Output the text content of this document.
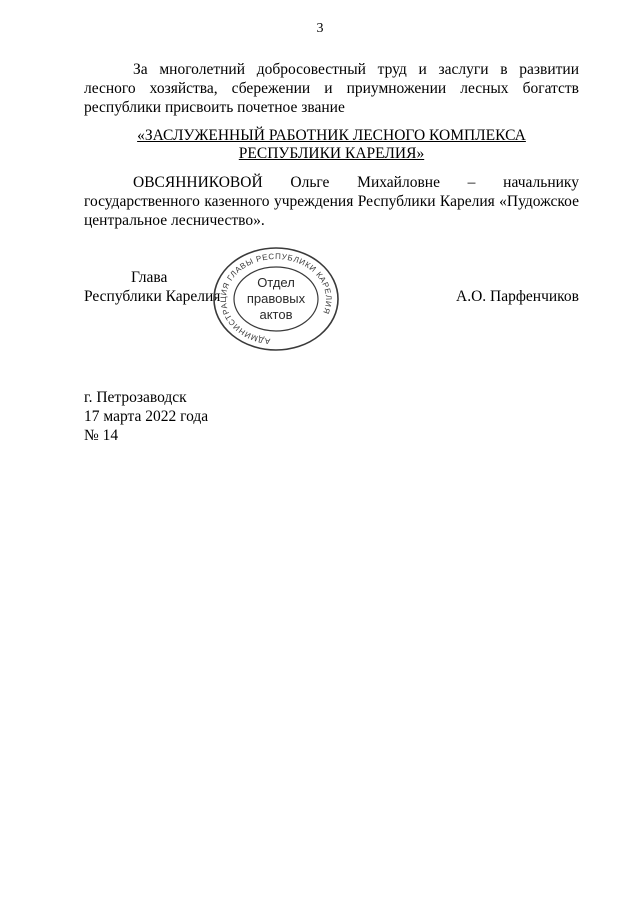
3

За многолетний добросовестный труд и заслуги в развитии лесного хозяйства, сбережении и приумножении лесных богатств республики присвоить почетное звание

«ЗАСЛУЖЕННЫЙ РАБОТНИК ЛЕСНОГО КОМПЛЕКСА
РЕСПУБЛИКИ КАРЕЛИЯ»

ОВСЯННИКОВОЙ Ольге Михайловне – начальнику государственного казенного учреждения Республики Карелия «Пудожское центральное лесничество».

Глава
Республики Карелия	А.О. Парфенчиков
АДМИНИСТРАЦИЯ ГЛАВЫ РЕСПУБЛИКИ КАРЕЛИЯ
Отдел
правовых
актов
г. Петрозаводск
17 марта 2022 года
№ 14
